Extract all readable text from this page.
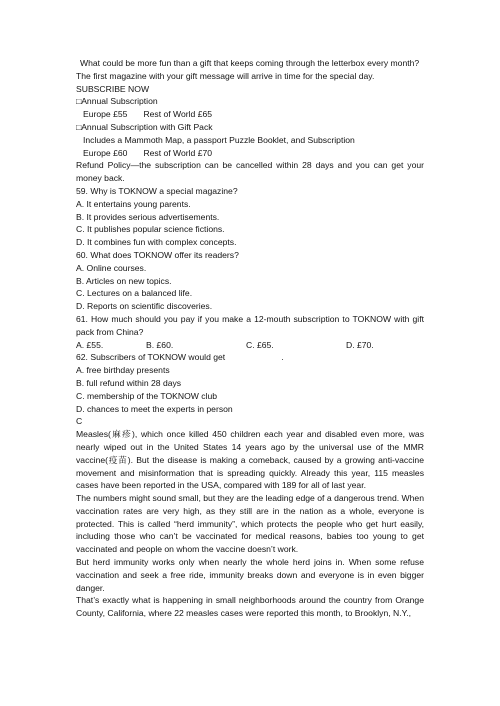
What could be more fun than a gift that keeps coming through the letterbox every month?
The first magazine with your gift message will arrive in time for the special day.
SUBSCRIBE NOW
□Annual Subscription
Europe £55 Rest of World £65
□Annual Subscription with Gift Pack
Includes a Mammoth Map, a passport Puzzle Booklet, and Subscription
Europe £60 Rest of World £70
Refund Policy—the subscription can be cancelled within 28 days and you can get your money back.
59. Why is TOKNOW a special magazine?
A. It entertains young parents.
B. It provides serious advertisements.
C. It publishes popular science fictions.
D. It combines fun with complex concepts.
60. What does TOKNOW offer its readers?
A. Online courses.
B. Articles on new topics.
C. Lectures on a balanced life.
D. Reports on scientific discoveries.
61. How much should you pay if you make a 12-mouth subscription to TOKNOW with gift pack from China?
A. £55.	B. £60.	C. £65.	D. £70.
62. Subscribers of TOKNOW would get	.
A. free birthday presents
B. full refund within 28 days
C. membership of the TOKNOW club
D. chances to meet the experts in person
C
Measles(麻疹), which once killed 450 children each year and disabled even more, was nearly wiped out in the United States 14 years ago by the universal use of the MMR vaccine(疫苗). But the disease is making a comeback, caused by a growing anti-vaccine movement and misinformation that is spreading quickly. Already this year, 115 measles cases have been reported in the USA, compared with 189 for all of last year.
The numbers might sound small, but they are the leading edge of a dangerous trend. When vaccination rates are very high, as they still are in the nation as a whole, everyone is protected. This is called “herd immunity”, which protects the people who get hurt easily, including those who can’t be vaccinated for medical reasons, babies too young to get vaccinated and people on whom the vaccine doesn’t work.
But herd immunity works only when nearly the whole herd joins in. When some refuse vaccination and seek a free ride, immunity breaks down and everyone is in even bigger danger.
That’s exactly what is happening in small neighborhoods around the country from Orange County, California, where 22 measles cases were reported this month, to Brooklyn, N.Y.,
